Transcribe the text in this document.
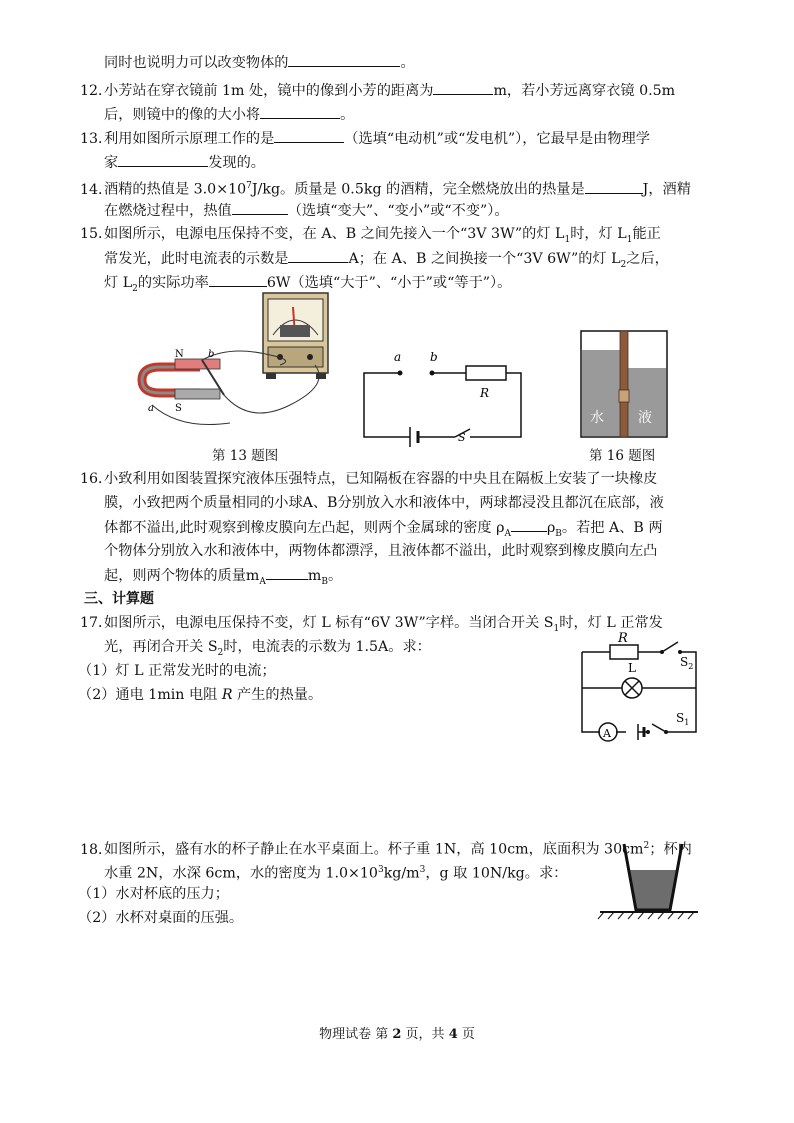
同时也说明力可以改变物体的	。
12．小芳站在穿衣镜前 1m 处，镜中的像到小芳的距离为	m，若小芳远离穿衣镜 0.5m
后，则镜中的像的大小将	。
13．利用如图所示原理工作的是	（选填“电动机”或“发电机”），它最早是由物理学
家	发现的。
14．酒精的热值是 $3.0\times 10^7J/kg$。质量是 0.5kg 的酒精，完全燃烧放出的热量是	J，酒精
在燃烧过程中，热值	（选填“变大”、“变小”或“不变”）。
15．如图所示，电源电压保持不变，在 A、B 之间先接入一个“3V 3W”的灯 $L_1$时，灯 $L_1$能正
常发光，此时电流表的示数是	A；在 A、B 之间换接一个“3V 6W”的灯 $L_2$之后，
灯 $L_2$的实际功率	6W（选填“大于”、“小于”或“等于”）。
N
S
a
b	a b
R
S
水 液
第 13 题图	第 16 题图
16．小致利用如图装置探究液体压强特点，已知隔板在容器的中央且在隔板上安装了一块橡皮
膜，小致把两个质量相同的小球A、B分别放入水和液体中，两球都浸没且都沉在底部，液
体都不溢出,此时观察到橡皮膜向左凸起，则两个金属球的密度 $\rho_A$	$\rho_B$。若把 A、B 两
个物体分别放入水和液体中，两物体都漂浮，且液体都不溢出，此时观察到橡皮膜向左凸
起，则两个物体的质量$m_A$	$m_B$。
三、计算题
17．如图所示，电源电压保持不变，灯 L 标有“6V 3W”字样。当闭合开关 $S_1$时，灯 L 正常发
光，再闭合开关 $S_2$时，电流表的示数为 1.5A。求：
（1）灯 L 正常发光时的电流；
（2）通电 1min 电阻 R 产生的热量。
R
L	$S_2$
$S_1$
A
18．如图所示，盛有水的杯子静止在水平桌面上。杯子重 1N，高 10cm，底面积为 $30cm^2$；杯内
水重 2N，水深 6cm，水的密度为 $1.0\times 10^3kg/m^3$，g 取 10N/kg。求：
（1）水对杯底的压力；
（2）水杯对桌面的压强。
物理试卷 第 2 页，共 4 页
